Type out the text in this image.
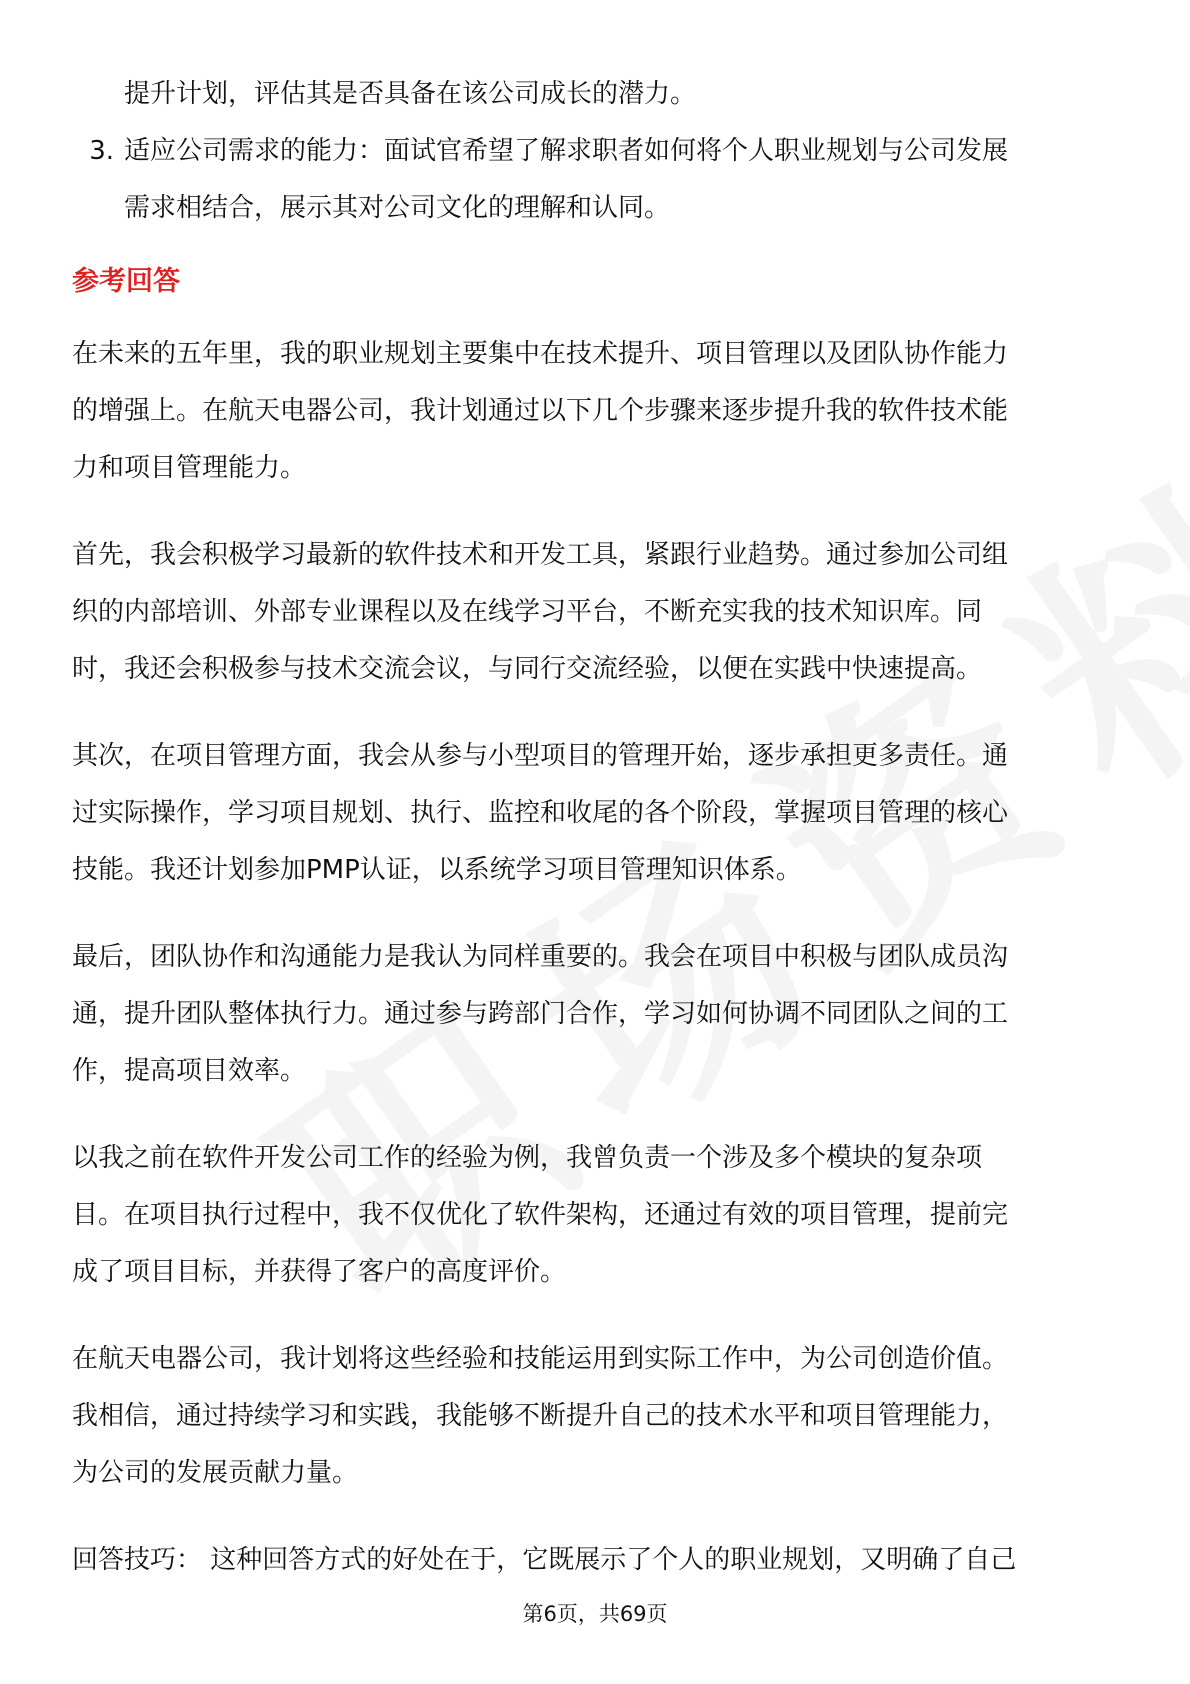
提升计划，评估其是否具备在该公司成长的潜力。
3. 适应公司需求的能力：面试官希望了解求职者如何将个人职业规划与公司发展
需求相结合，展示其对公司文化的理解和认同。
参考回答
在未来的五年里，我的职业规划主要集中在技术提升、项目管理以及团队协作能力
的增强上。在航天电器公司，我计划通过以下几个步骤来逐步提升我的软件技术能
力和项目管理能力。
首先，我会积极学习最新的软件技术和开发工具，紧跟行业趋势。通过参加公司组
织的内部培训、外部专业课程以及在线学习平台，不断充实我的技术知识库。同
时，我还会积极参与技术交流会议，与同行交流经验，以便在实践中快速提高。
其次，在项目管理方面，我会从参与小型项目的管理开始，逐步承担更多责任。通
过实际操作，学习项目规划、执行、监控和收尾的各个阶段，掌握项目管理的核心
技能。我还计划参加PMP认证，以系统学习项目管理知识体系。
最后，团队协作和沟通能力是我认为同样重要的。我会在项目中积极与团队成员沟
通，提升团队整体执行力。通过参与跨部门合作，学习如何协调不同团队之间的工
作，提高项目效率。
以我之前在软件开发公司工作的经验为例，我曾负责一个涉及多个模块的复杂项
目。在项目执行过程中，我不仅优化了软件架构，还通过有效的项目管理，提前完
成了项目目标，并获得了客户的高度评价。
在航天电器公司，我计划将这些经验和技能运用到实际工作中，为公司创造价值。
我相信，通过持续学习和实践，我能够不断提升自己的技术水平和项目管理能力，
为公司的发展贡献力量。
回答技巧： 这种回答方式的好处在于，它既展示了个人的职业规划，又明确了自己
第6页，共69页
